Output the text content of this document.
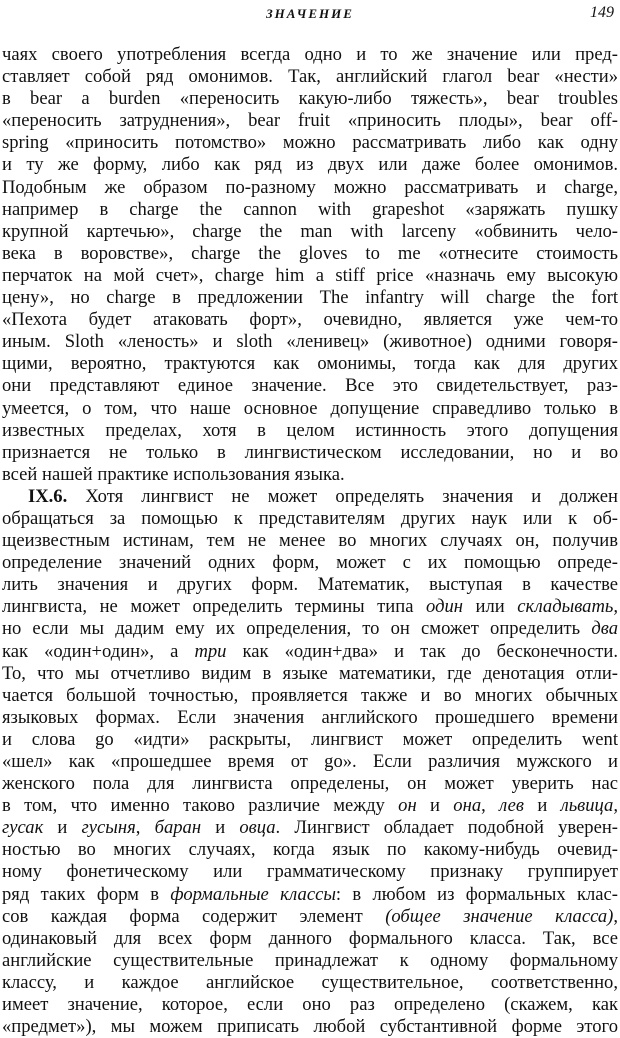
ЗНАЧЕНИЕ	149
чаях своего употребления всегда одно и то же значение или пред-
ставляет собой ряд омонимов. Так, английский глагол bear «нести»
в bear a burden «переносить какую-либо тяжесть», bear troubles
«переносить затруднения», bear fruit «приносить плоды», bear off-
spring «приносить потомство» можно рассматривать либо как одну
и ту же форму, либо как ряд из двух или даже более омонимов.
Подобным же образом по-разному можно рассматривать и charge,
например в charge the cannon with grapeshot «заряжать пушку
крупной картечью», charge the man with larceny «обвинить чело-
века в воровстве», charge the gloves to me «отнесите стоимость
перчаток на мой счет», charge him a stiff price «назначь ему высокую
цену», но charge в предложении The infantry will charge the fort
«Пехота будет атаковать форт», очевидно, является уже чем-то
иным. Sloth «леность» и sloth «ленивец» (животное) одними говоря-
щими, вероятно, трактуются как омонимы, тогда как для других
они представляют единое значение. Все это свидетельствует, раз-
умеется, о том, что наше основное допущение справедливо только в
известных пределах, хотя в целом истинность этого допущения
признается не только в лингвистическом исследовании, но и во
всей нашей практике использования языка.
IX.6. Хотя лингвист не может определять значения и должен
обращаться за помощью к представителям других наук или к об-
щеизвестным истинам, тем не менее во многих случаях он, получив
определение значений одних форм, может с их помощью опреде-
лить значения и других форм. Математик, выступая в качестве
лингвиста, не может определить термины типа один или складывать,
но если мы дадим ему их определения, то он сможет определить два
как «один+один», а три как «один+два» и так до бесконечности.
То, что мы отчетливо видим в языке математики, где денотация отли-
чается большой точностью, проявляется также и во многих обычных
языковых формах. Если значения английского прошедшего времени
и слова go «идти» раскрыты, лингвист может определить went
«шел» как «прошедшее время от go». Если различия мужского и
женского пола для лингвиста определены, он может уверить нас
в том, что именно таково различие между он и она, лев и львица,
гусак и гусыня, баран и овца. Лингвист обладает подобной уверен-
ностью во многих случаях, когда язык по какому-нибудь очевид-
ному фонетическому или грамматическому признаку группирует
ряд таких форм в формальные классы: в любом из формальных клас-
сов каждая форма содержит элемент (общее значение класса),
одинаковый для всех форм данного формального класса. Так, все
английские существительные принадлежат к одному формальному
классу, и каждое английское существительное, соответственно,
имеет значение, которое, если оно раз определено (скажем, как
«предмет»), мы можем приписать любой субстантивной форме этого
